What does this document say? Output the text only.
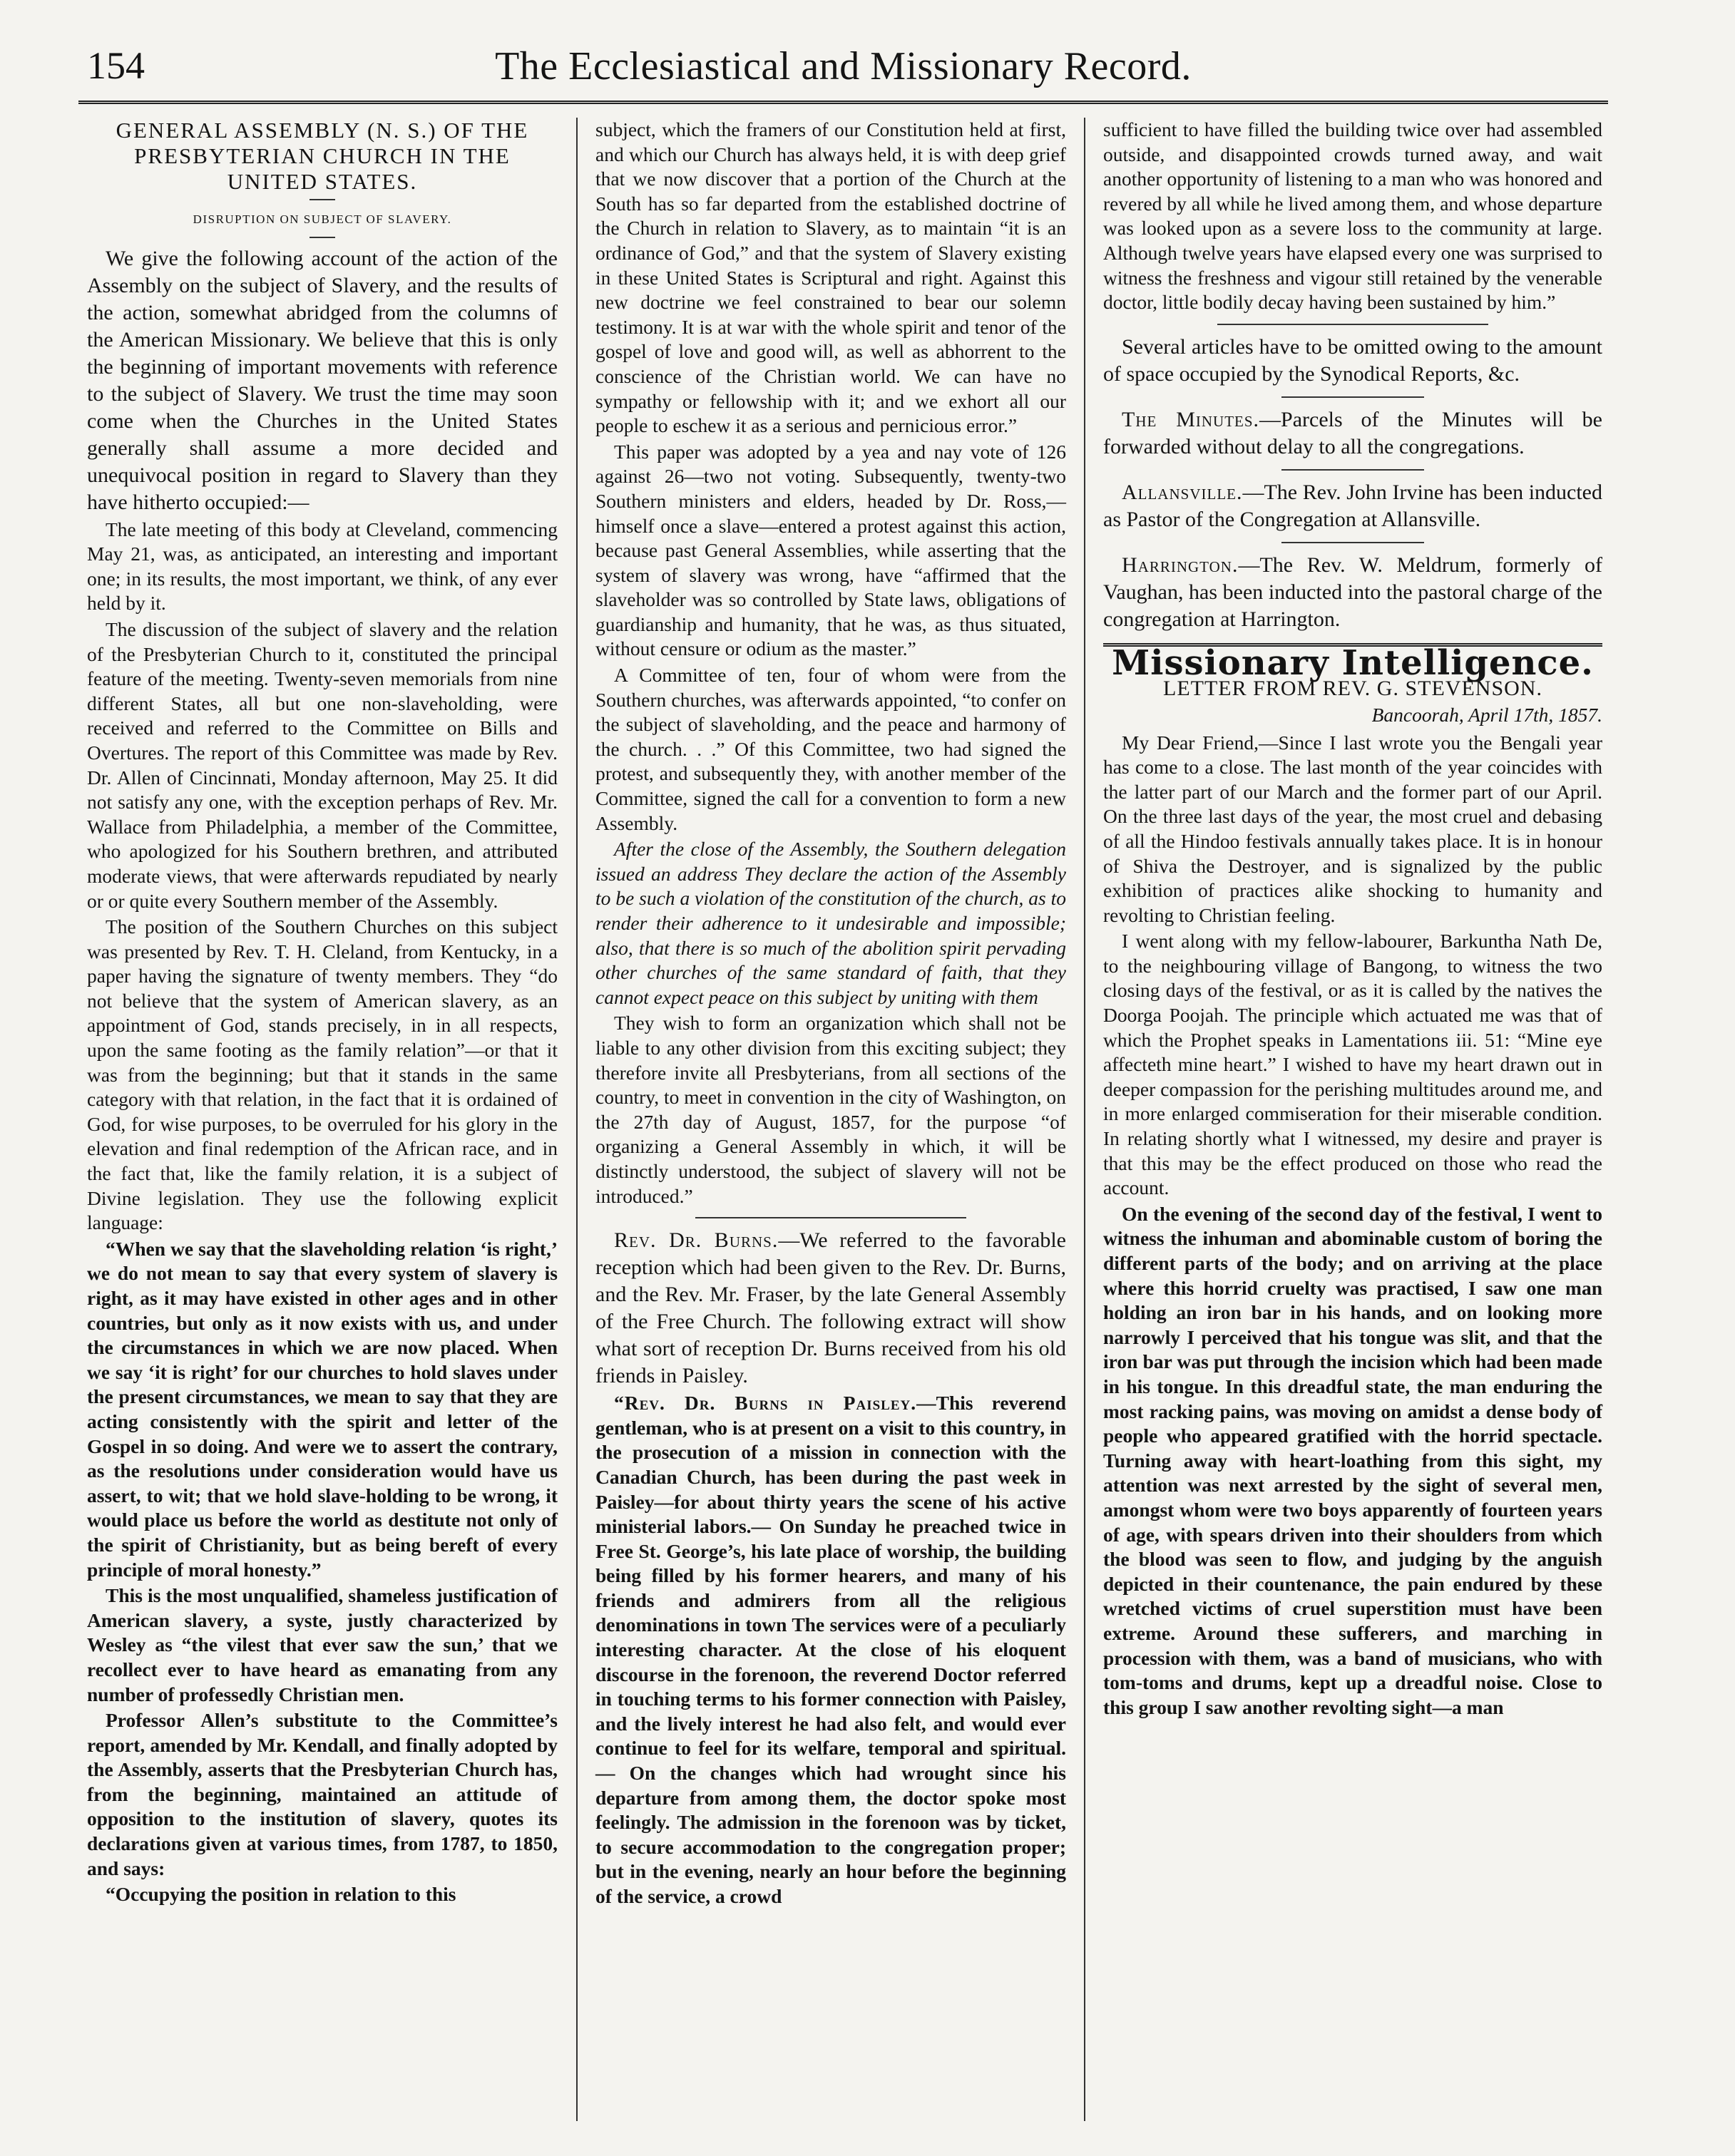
154	The Ecclesiastical and Missionary Record.

GENERAL ASSEMBLY (N. S.) OF THE PRESBYTERIAN CHURCH IN THE UNITED STATES.

DISRUPTION ON SUBJECT OF SLAVERY.

We give the following account of the action of the Assembly on the subject of Slavery, and the results of the action, somewhat abridged from the columns of the American Missionary. We believe that this is only the beginning of important movements with reference to the subject of Slavery. We trust the time may soon come when the Churches in the United States generally shall assume a more decided and unequivocal position in regard to Slavery than they have hitherto occupied:—

The late meeting of this body at Cleveland, commencing May 21, was, as anticipated, an interesting and important one; in its results, the most important, we think, of any ever held by it.

The discussion of the subject of slavery and the relation of the Presbyterian Church to it, constituted the principal feature of the meeting. Twenty-seven memorials from nine different States, all but one non-slaveholding, were received and referred to the Committee on Bills and Overtures. The report of this Committee was made by Rev. Dr. Allen of Cincinnati, Monday afternoon, May 25. It did not satisfy any one, with the exception perhaps of Rev. Mr. Wallace from Philadelphia, a member of the Committee, who apologized for his Southern brethren, and attributed moderate views, that were afterwards repudiated by nearly or or quite every Southern member of the Assembly.

The position of the Southern Churches on this subject was presented by Rev. T. H. Cleland, from Kentucky, in a paper having the signature of twenty members. They “do not believe that the system of American slavery, as an appointment of God, stands precisely, in in all respects, upon the same footing as the family relation”—or that it was from the beginning; but that it stands in the same category with that relation, in the fact that it is ordained of God, for wise purposes, to be overruled for his glory in the elevation and final redemption of the African race, and in the fact that, like the family relation, it is a subject of Divine legislation. They use the following explicit language:

“When we say that the slaveholding relation ‘is right,’ we do not mean to say that every system of slavery is right, as it may have existed in other ages and in other countries, but only as it now exists with us, and under the circumstances in which we are now placed. When we say ‘it is right’ for our churches to hold slaves under the present circumstances, we mean to say that they are acting consistently with the spirit and letter of the Gospel in so doing. And were we to assert the contrary, as the resolutions under consideration would have us assert, to wit; that we hold slave-holding to be wrong, it would place us before the world as destitute not only of the spirit of Christianity, but as being bereft of every principle of moral honesty.”

This is the most unqualified, shameless justification of American slavery, a syste, justly characterized by Wesley as “the vilest that ever saw the sun,’ that we recollect ever to have heard as emanating from any number of professedly Christian men.

Professor Allen’s substitute to the Committee’s report, amended by Mr. Kendall, and finally adopted by the Assembly, asserts that the Presbyterian Church has, from the beginning, maintained an attitude of opposition to the institution of slavery, quotes its declarations given at various times, from 1787, to 1850, and says:

“Occupying the position in relation to this

subject, which the framers of our Constitution held at first, and which our Church has always held, it is with deep grief that we now discover that a portion of the Church at the South has so far departed from the established doctrine of the Church in relation to Slavery, as to maintain “it is an ordinance of God,” and that the system of Slavery existing in these United States is Scriptural and right. Against this new doctrine we feel constrained to bear our solemn testimony. It is at war with the whole spirit and tenor of the gospel of love and good will, as well as abhorrent to the conscience of the Christian world. We can have no sympathy or fellowship with it; and we exhort all our people to eschew it as a serious and pernicious error.”

This paper was adopted by a yea and nay vote of 126 against 26—two not voting. Subsequently, twenty-two Southern ministers and elders, headed by Dr. Ross,—himself once a slave—entered a protest against this action, because past General Assemblies, while asserting that the system of slavery was wrong, have “affirmed that the slaveholder was so controlled by State laws, obligations of guardianship and humanity, that he was, as thus situated, without censure or odium as the master.”

A Committee of ten, four of whom were from the Southern churches, was afterwards appointed, “to confer on the subject of slaveholding, and the peace and harmony of the church. . .” Of this Committee, two had signed the protest, and subsequently they, with another member of the Committee, signed the call for a convention to form a new Assembly.

After the close of the Assembly, the Southern delegation issued an address They declare the action of the Assembly to be such a violation of the constitution of the church, as to render their adherence to it undesirable and impossible; also, that there is so much of the abolition spirit pervading other churches of the same standard of faith, that they cannot expect peace on this subject by uniting with them

They wish to form an organization which shall not be liable to any other division from this exciting subject; they therefore invite all Presbyterians, from all sections of the country, to meet in convention in the city of Washington, on the 27th day of August, 1857, for the purpose “of organizing a General Assembly in which, it will be distinctly understood, the subject of slavery will not be introduced.”

Rev. Dr. Burns.—We referred to the favorable reception which had been given to the Rev. Dr. Burns, and the Rev. Mr. Fraser, by the late General Assembly of the Free Church. The following extract will show what sort of reception Dr. Burns received from his old friends in Paisley.

“Rev. Dr. Burns in Paisley.—This reverend gentleman, who is at present on a visit to this country, in the prosecution of a mission in connection with the Canadian Church, has been during the past week in Paisley—for about thirty years the scene of his active ministerial labors.— On Sunday he preached twice in Free St. George’s, his late place of worship, the building being filled by his former hearers, and many of his friends and admirers from all the religious denominations in town The services were of a peculiarly interesting character. At the close of his eloquent discourse in the forenoon, the reverend Doctor referred in touching terms to his former connection with Paisley, and the lively interest he had also felt, and would ever continue to feel for its welfare, temporal and spiritual.— On the changes which had wrought since his departure from among them, the doctor spoke most feelingly. The admission in the forenoon was by ticket, to secure accommodation to the congregation proper; but in the evening, nearly an hour before the beginning of the service, a crowd

sufficient to have filled the building twice over had assembled outside, and disappointed crowds turned away, and wait another opportunity of listening to a man who was honored and revered by all while he lived among them, and whose departure was looked upon as a severe loss to the community at large. Although twelve years have elapsed every one was surprised to witness the freshness and vigour still retained by the venerable doctor, little bodily decay having been sustained by him.”

Several articles have to be omitted owing to the amount of space occupied by the Synodical Reports, &c.

The Minutes.—Parcels of the Minutes will be forwarded without delay to all the congregations.

Allansville.—The Rev. John Irvine has been inducted as Pastor of the Congregation at Allansville.

Harrington.—The Rev. W. Meldrum, formerly of Vaughan, has been inducted into the pastoral charge of the congregation at Harrington.

Missionary Intelligence.

LETTER FROM REV. G. STEVENSON.

Bancoorah, April 17th, 1857.

My Dear Friend,—Since I last wrote you the Bengali year has come to a close. The last month of the year coincides with the latter part of our March and the former part of our April. On the three last days of the year, the most cruel and debasing of all the Hindoo festivals annually takes place. It is in honour of Shiva the Destroyer, and is signalized by the public exhibition of practices alike shocking to humanity and revolting to Christian feeling.

I went along with my fellow-labourer, Barkuntha Nath De, to the neighbouring village of Bangong, to witness the two closing days of the festival, or as it is called by the natives the Doorga Poojah. The principle which actuated me was that of which the Prophet speaks in Lamentations iii. 51: “Mine eye affecteth mine heart.” I wished to have my heart drawn out in deeper compassion for the perishing multitudes around me, and in more enlarged commiseration for their miserable condition. In relating shortly what I witnessed, my desire and prayer is that this may be the effect produced on those who read the account.

On the evening of the second day of the festival, I went to witness the inhuman and abominable custom of boring the different parts of the body; and on arriving at the place where this horrid cruelty was practised, I saw one man holding an iron bar in his hands, and on looking more narrowly I perceived that his tongue was slit, and that the iron bar was put through the incision which had been made in his tongue. In this dreadful state, the man enduring the most racking pains, was moving on amidst a dense body of people who appeared gratified with the horrid spectacle. Turning away with heart-loathing from this sight, my attention was next arrested by the sight of several men, amongst whom were two boys apparently of fourteen years of age, with spears driven into their shoulders from which the blood was seen to flow, and judging by the anguish depicted in their countenance, the pain endured by these wretched victims of cruel superstition must have been extreme. Around these sufferers, and marching in procession with them, was a band of musicians, who with tom-toms and drums, kept up a dreadful noise. Close to this group I saw another revolting sight—a man
